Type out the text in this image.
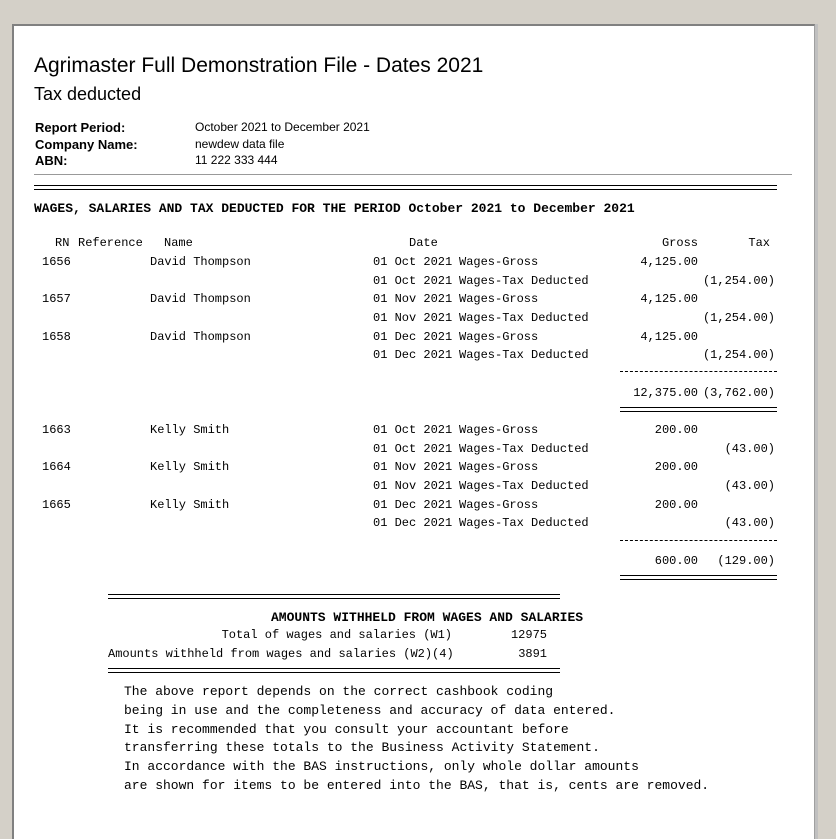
Agrimaster Full Demonstration File - Dates 2021
Tax deducted
Report Period:	October 2021 to December 2021
Company Name:	newdew data file
ABN:	11 222 333 444
WAGES, SALARIES AND TAX DEDUCTED FOR THE PERIOD October 2021 to December 2021
RN Reference Name	Date	Gross	Tax
1656	David Thompson	01 Oct 2021 Wages-Gross	4,125.00
01 Oct 2021 Wages-Tax Deducted	(1,254.00)
1657	David Thompson	01 Nov 2021 Wages-Gross	4,125.00
01 Nov 2021 Wages-Tax Deducted	(1,254.00)
1658	David Thompson	01 Dec 2021 Wages-Gross	4,125.00
01 Dec 2021 Wages-Tax Deducted	(1,254.00)
12,375.00 (3,762.00)
1663	Kelly Smith	01 Oct 2021 Wages-Gross	200.00
01 Oct 2021 Wages-Tax Deducted	(43.00)
1664	Kelly Smith	01 Nov 2021 Wages-Gross	200.00
01 Nov 2021 Wages-Tax Deducted	(43.00)
1665	Kelly Smith	01 Dec 2021 Wages-Gross	200.00
01 Dec 2021 Wages-Tax Deducted	(43.00)
600.00	(129.00)
AMOUNTS WITHHELD FROM WAGES AND SALARIES
Total of wages and salaries (W1)	12975
Amounts withheld from wages and salaries (W2)(4)	3891
The above report depends on the correct cashbook coding
being in use and the completeness and accuracy of data entered.
It is recommended that you consult your accountant before
transferring these totals to the Business Activity Statement.
In accordance with the BAS instructions, only whole dollar amounts
are shown for items to be entered into the BAS, that is, cents are removed.
